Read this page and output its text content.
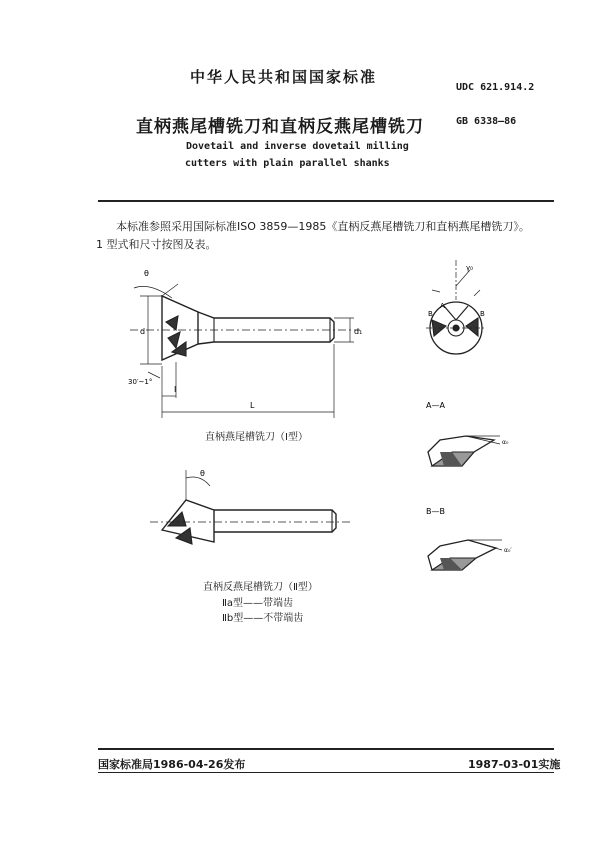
中华人民共和国国家标准
UDC 621.914.2
直柄燕尾槽铣刀和直柄反燕尾槽铣刀	GB 6338—86
Dovetail and inverse dovetail milling
cutters with plain parallel shanks
本标准参照采用国际标准ISO 3859—1985《直柄反燕尾槽铣刀和直柄燕尾槽铣刀》。
1 型式和尺寸按图及表。
θ
d	d₁
30′~1°
l
L
θ
γ₀
B	B
A
A—A
α₀
B—B
α₀′
直柄燕尾槽铣刀（Ⅰ型）
直柄反燕尾槽铣刀（Ⅱ型）
Ⅱa型——带端齿
Ⅱb型——不带端齿
国家标准局1986-04-26发布	1987-03-01实施
